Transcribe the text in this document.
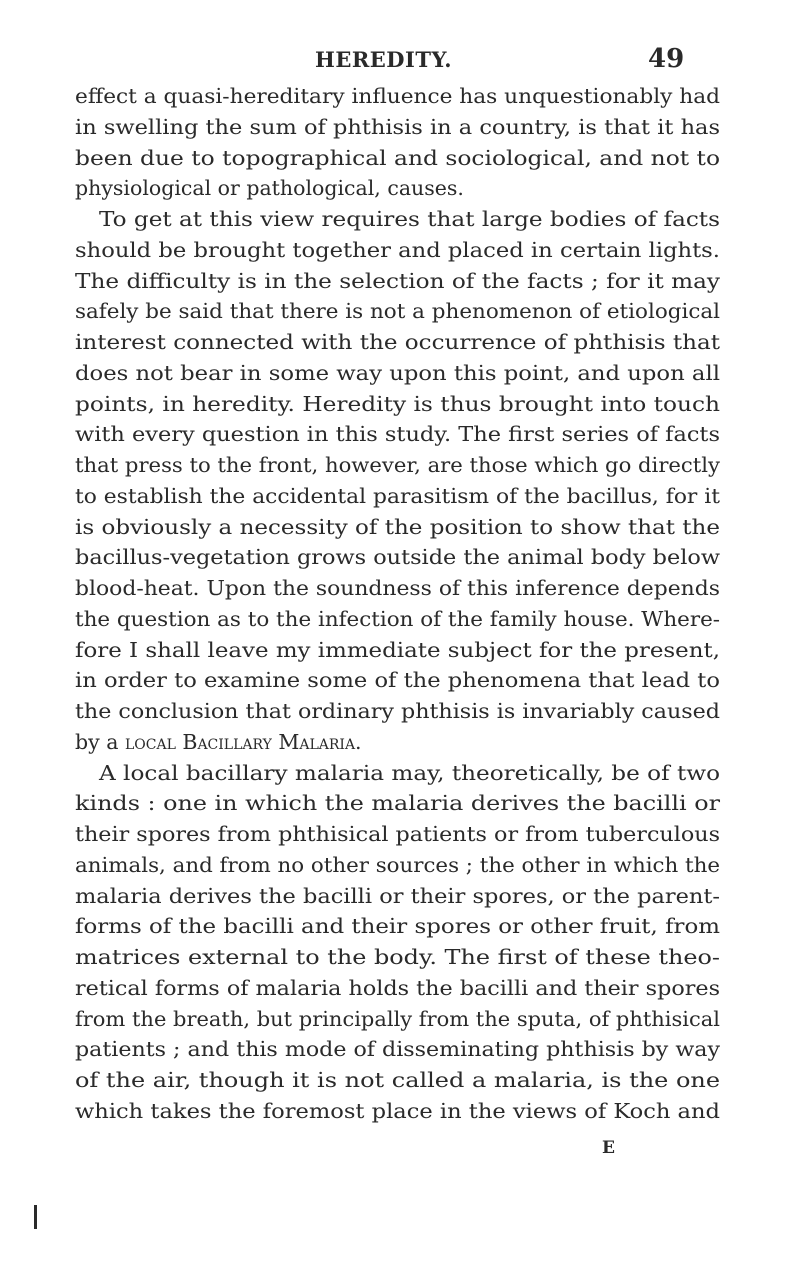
HEREDITY.	49
effect a quasi-hereditary influence has unquestionably had
in swelling the sum of phthisis in a country, is that it has
been due to topographical and sociological, and not to
physiological or pathological, causes.
To get at this view requires that large bodies of facts
should be brought together and placed in certain lights.
The difficulty is in the selection of the facts ; for it may
safely be said that there is not a phenomenon of etiological
interest connected with the occurrence of phthisis that
does not bear in some way upon this point, and upon all
points, in heredity. Heredity is thus brought into touch
with every question in this study. The first series of facts
that press to the front, however, are those which go directly
to establish the accidental parasitism of the bacillus, for it
is obviously a necessity of the position to show that the
bacillus-vegetation grows outside the animal body below
blood-heat. Upon the soundness of this inference depends
the question as to the infection of the family house. Where-
fore I shall leave my immediate subject for the present,
in order to examine some of the phenomena that lead to
the conclusion that ordinary phthisis is invariably caused
by a local Bacillary Malaria.
A local bacillary malaria may, theoretically, be of two
kinds : one in which the malaria derives the bacilli or
their spores from phthisical patients or from tuberculous
animals, and from no other sources ; the other in which the
malaria derives the bacilli or their spores, or the parent-
forms of the bacilli and their spores or other fruit, from
matrices external to the body. The first of these theo-
retical forms of malaria holds the bacilli and their spores
from the breath, but principally from the sputa, of phthisical
patients ; and this mode of disseminating phthisis by way
of the air, though it is not called a malaria, is the one
which takes the foremost place in the views of Koch and
E
